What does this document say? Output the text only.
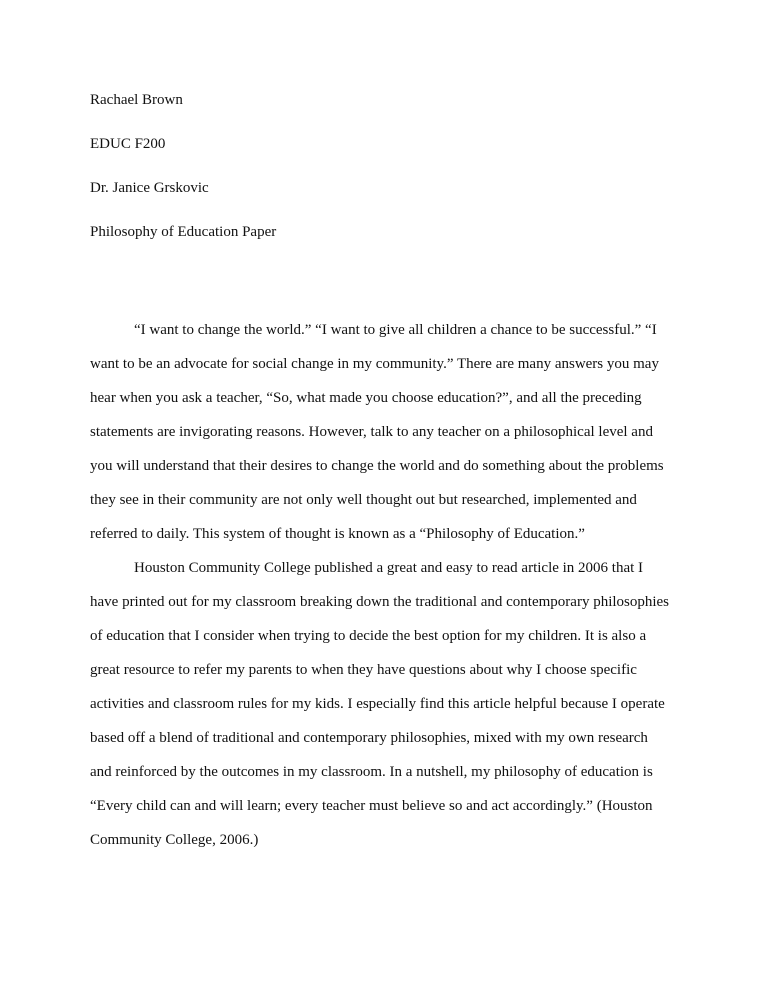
Rachael Brown
EDUC F200
Dr. Janice Grskovic
Philosophy of Education Paper

“I want to change the world.” “I want to give all children a chance to be successful.” “I
want to be an advocate for social change in my community.” There are many answers you may
hear when you ask a teacher, “So, what made you choose education?”, and all the preceding
statements are invigorating reasons. However, talk to any teacher on a philosophical level and
you will understand that their desires to change the world and do something about the problems
they see in their community are not only well thought out but researched, implemented and
referred to daily. This system of thought is known as a “Philosophy of Education.”

Houston Community College published a great and easy to read article in 2006 that I
have printed out for my classroom breaking down the traditional and contemporary philosophies
of education that I consider when trying to decide the best option for my children. It is also a
great resource to refer my parents to when they have questions about why I choose specific
activities and classroom rules for my kids. I especially find this article helpful because I operate
based off a blend of traditional and contemporary philosophies, mixed with my own research
and reinforced by the outcomes in my classroom. In a nutshell, my philosophy of education is
“Every child can and will learn; every teacher must believe so and act accordingly.” (Houston
Community College, 2006.)
